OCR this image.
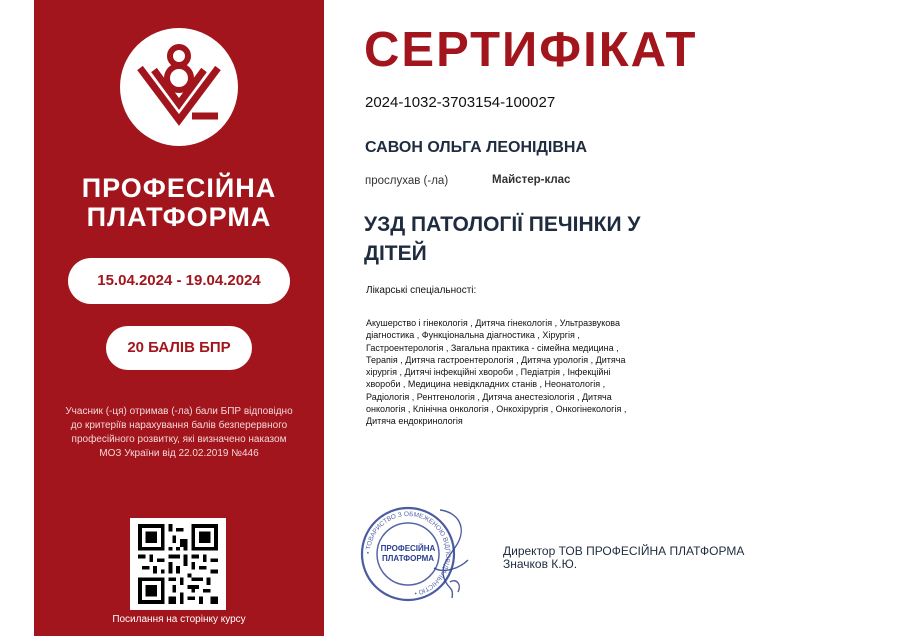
ПРОФЕСІЙНА
ПЛАТФОРМА
15.04.2024 - 19.04.2024
20 БАЛІВ БПР
Учасник (-ця) отримав (-ла) бали БПР відповідно до критеріїв нарахування балів безперервного професійного розвитку, які визначено наказом МОЗ України від 22.02.2019 №446
Посилання на сторінку курсу
СЕРТИФІКАТ
2024-1032-3703154-100027
САВОН ОЛЬГА ЛЕОНІДІВНА
прослухав (-ла)	Майстер-клас
УЗД ПАТОЛОГІЇ ПЕЧІНКИ У
ДІТЕЙ
Лікарські спеціальності:
Акушерство і гінекологія , Дитяча гінекологія , Ультразвукова
діагностика , Функціональна діагностика , Хірургія ,
Гастроентерологія , Загальна практика - сімейна медицина ,
Терапія , Дитяча гастроентерологія , Дитяча урологія , Дитяча
хірургія , Дитячі інфекційні хвороби , Педіатрія , Інфекційні
хвороби , Медицина невідкладних станів , Неонатологія ,
Радіологія , Рентгенологія , Дитяча анестезіологія , Дитяча
онкологія , Клінічна онкологія , Онкохірургія , Онкогінекологія ,
Дитяча ендокринологія
• ТОВАРИСТВО З ОБМЕЖЕНОЮ ВІДПОВІДАЛЬНІСТЮ •
ПРОФЕСІЙНА ПЛАТФОРМА
Директор ТОВ ПРОФЕСІЙНА ПЛАТФОРМА
Значков К.Ю.
